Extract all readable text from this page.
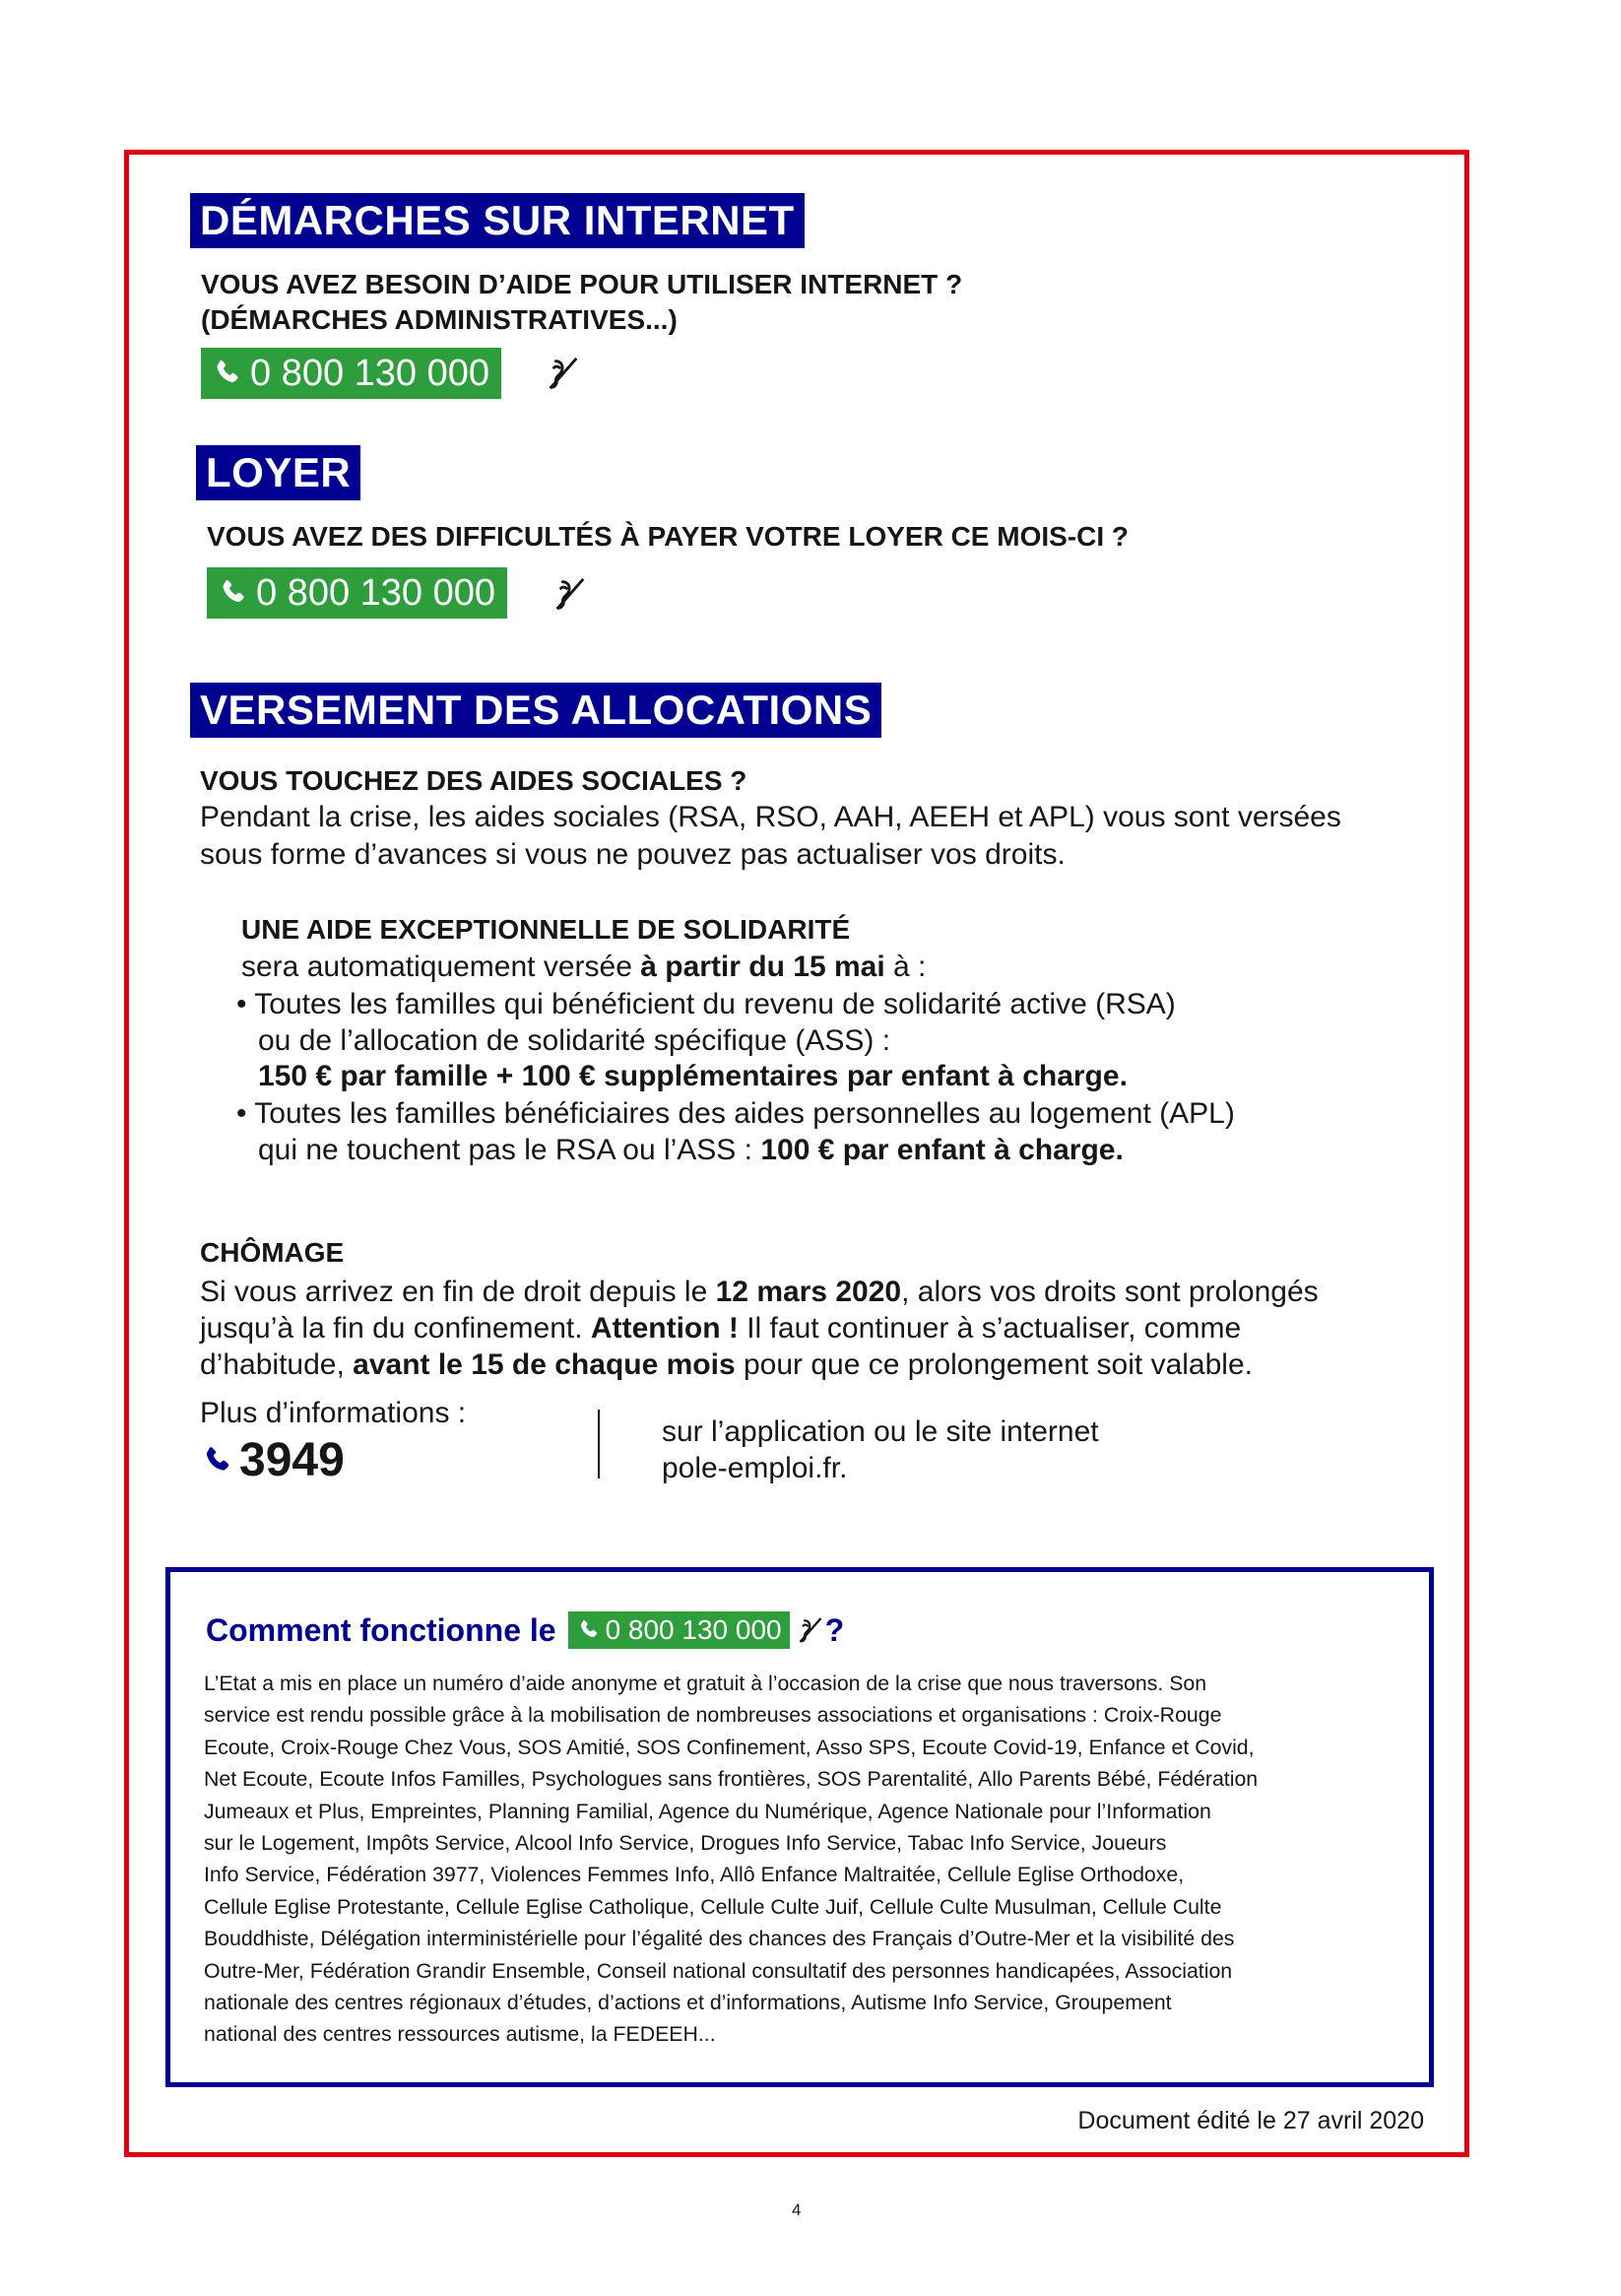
DÉMARCHES SUR INTERNET
VOUS AVEZ BESOIN D’AIDE POUR UTILISER INTERNET ?
(DÉMARCHES ADMINISTRATIVES...)
0 800 130 000
LOYER
VOUS AVEZ DES DIFFICULTÉS À PAYER VOTRE LOYER CE MOIS-CI ?
0 800 130 000
VERSEMENT DES ALLOCATIONS
VOUS TOUCHEZ DES AIDES SOCIALES ?
Pendant la crise, les aides sociales (RSA, RSO, AAH, AEEH et APL) vous sont versées
sous forme d’avances si vous ne pouvez pas actualiser vos droits.
UNE AIDE EXCEPTIONNELLE DE SOLIDARITÉ
sera automatiquement versée à partir du 15 mai à :
• Toutes les familles qui bénéficient du revenu de solidarité active (RSA)
ou de l’allocation de solidarité spécifique (ASS) :
150 € par famille + 100 € supplémentaires par enfant à charge.
• Toutes les familles bénéficiaires des aides personnelles au logement (APL)
qui ne touchent pas le RSA ou l’ASS : 100 € par enfant à charge.
CHÔMAGE
Si vous arrivez en fin de droit depuis le 12 mars 2020, alors vos droits sont prolongés
jusqu’à la fin du confinement. Attention ! Il faut continuer à s’actualiser, comme
d’habitude, avant le 15 de chaque mois pour que ce prolongement soit valable.
Plus d’informations :
3949
sur l’application ou le site internet
pole-emploi.fr.
Comment fonctionne le 0 800 130 000 ?
L’Etat a mis en place un numéro d’aide anonyme et gratuit à l’occasion de la crise que nous traversons. Son
service est rendu possible grâce à la mobilisation de nombreuses associations et organisations : Croix-Rouge
Ecoute, Croix-Rouge Chez Vous, SOS Amitié, SOS Confinement, Asso SPS, Ecoute Covid-19, Enfance et Covid,
Net Ecoute, Ecoute Infos Familles, Psychologues sans frontières, SOS Parentalité, Allo Parents Bébé, Fédération
Jumeaux et Plus, Empreintes, Planning Familial, Agence du Numérique, Agence Nationale pour l’Information
sur le Logement, Impôts Service, Alcool Info Service, Drogues Info Service, Tabac Info Service, Joueurs
Info Service, Fédération 3977, Violences Femmes Info, Allô Enfance Maltraitée, Cellule Eglise Orthodoxe,
Cellule Eglise Protestante, Cellule Eglise Catholique, Cellule Culte Juif, Cellule Culte Musulman, Cellule Culte
Bouddhiste, Délégation interministérielle pour l’égalité des chances des Français d’Outre-Mer et la visibilité des
Outre-Mer, Fédération Grandir Ensemble, Conseil national consultatif des personnes handicapées, Association
nationale des centres régionaux d’études, d’actions et d’informations, Autisme Info Service, Groupement
national des centres ressources autisme, la FEDEEH...
Document édité le 27 avril 2020
4
